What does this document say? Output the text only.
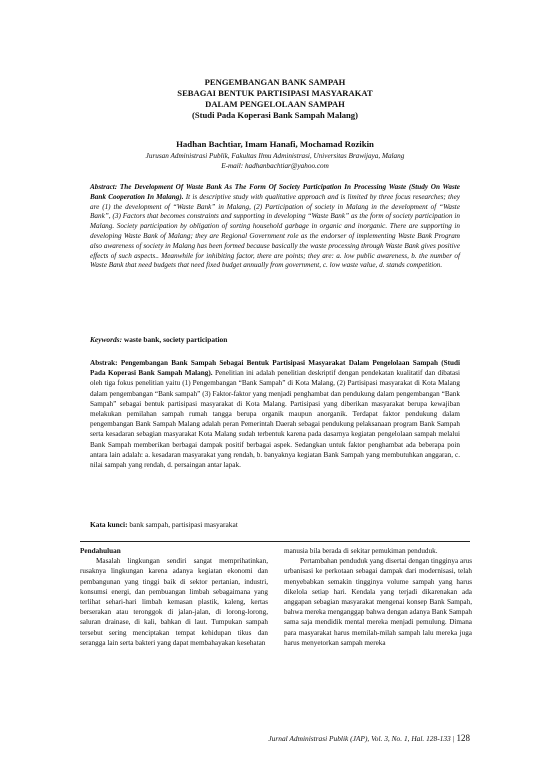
PENGEMBANGAN BANK SAMPAH
SEBAGAI BENTUK PARTISIPASI MASYARAKAT
DALAM PENGELOLAAN SAMPAH
(Studi Pada Koperasi Bank Sampah Malang)
Hadhan Bachtiar, Imam Hanafi, Mochamad Rozikin
Jurusan Administrasi Publik, Fakultas Ilmu Administrasi, Universitas Brawijaya, Malang
E-mail: hadhanbachtiar@yahoo.com
Abstract: The Development Of Waste Bank As The Form Of Society Participation In Processing Waste (Study On Waste Bank Cooperation In Malang). It is descriptive study with qualitative approach and is limited by three focus researches; they are (1) the development of “Waste Bank” in Malang, (2) Participation of society in Malang in the development of “Waste Bank”, (3) Factors that becomes constraints and supporting in developing “Waste Bank” as the form of society participation in Malang. Society participation by obligation of sorting household garbage in organic and inorganic. There are supporting in developing Waste Bank of Malang; they are Regional Government role as the endorser of implementing Waste Bank Program also awareness of society in Malang has been formed because basically the waste processing through Waste Bank gives positive effects of such aspects.. Meanwhile for inhibiting factor, there are points; they are: a. low public awareness, b. the number of Waste Bank that need budgets that need fixed budget annually from government, c. low waste value, d. stands competition.
Keywords: waste bank, society participation
Abstrak: Pengembangan Bank Sampah Sebagai Bentuk Partisipasi Masyarakat Dalam Pengelolaan Sampah (Studi Pada Koperasi Bank Sampah Malang). Penelitian ini adalah penelitian deskriptif dengan pendekatan kualitatif dan dibatasi oleh tiga fokus penelitian yaitu (1) Pengembangan “Bank Sampah” di Kota Malang, (2) Partisipasi masyarakat di Kota Malang dalam pengembangan “Bank sampah” (3) Faktor-faktor yang menjadi penghambat dan pendukung dalam pengembangan “Bank Sampah” sebagai bentuk partisipasi masyarakat di Kota Malang. Partisipasi yang diberikan masyarakat berupa kewajiban melakukan pemilahan sampah rumah tangga berupa organik maupun anorganik. Terdapat faktor pendukung dalam pengembangan Bank Sampah Malang adalah peran Pemerintah Daerah sebagai pendukung pelaksanaan program Bank Sampah serta kesadaran sebagian masyarakat Kota Malang sudah terbentuk karena pada dasarnya kegiatan pengelolaan sampah melalui Bank Sampah memberikan berbagai dampak positif berbagai aspek. Sedangkan untuk faktor penghambat ada beberapa poin antara lain adalah: a. kesadaran masyarakat yang rendah, b. banyaknya kegiatan Bank Sampah yang membutuhkan anggaran, c. nilai sampah yang rendah, d. persaingan antar lapak.
Kata kunci: bank sampah, partisipasi masyarakat

Pendahuluan

Masalah lingkungan sendiri sangat memprihatinkan, rusaknya lingkungan karena adanya kegiatan ekonomi dan pembangunan yang tinggi baik di sektor pertanian, industri, konsumsi energi, dan pembuangan limbah sebagaimana yang terlihat sehari-hari limbah kemasan plastik, kaleng, kertas berserakan atau teronggok di jalan-jalan, di lorong-lorong, saluran drainase, di kali, bahkan di laut. Tumpukan sampah tersebut sering menciptakan tempat kehidupan tikus dan serangga lain serta bakteri yang dapat membahayakan kesehatan

manusia bila berada di sekitar pemukiman penduduk.

Pertambahan penduduk yang disertai dengan tingginya arus urbanisasi ke perkotaan sebagai dampak dari modernisasi, telah menyebabkan semakin tingginya volume sampah yang harus dikelola setiap hari. Kendala yang terjadi dikarenakan ada anggapan sebagian masyarakat mengenai konsep Bank Sampah, bahwa mereka menganggap bahwa dengan adanya Bank Sampah sama saja mendidik mental mereka menjadi pemulung. Dimana para masyarakat harus memilah-milah sampah lalu mereka juga harus menyetorkan sampah mereka

Jurnal Administrasi Publik (JAP), Vol. 3, No. 1, Hal. 128-133 | 128
